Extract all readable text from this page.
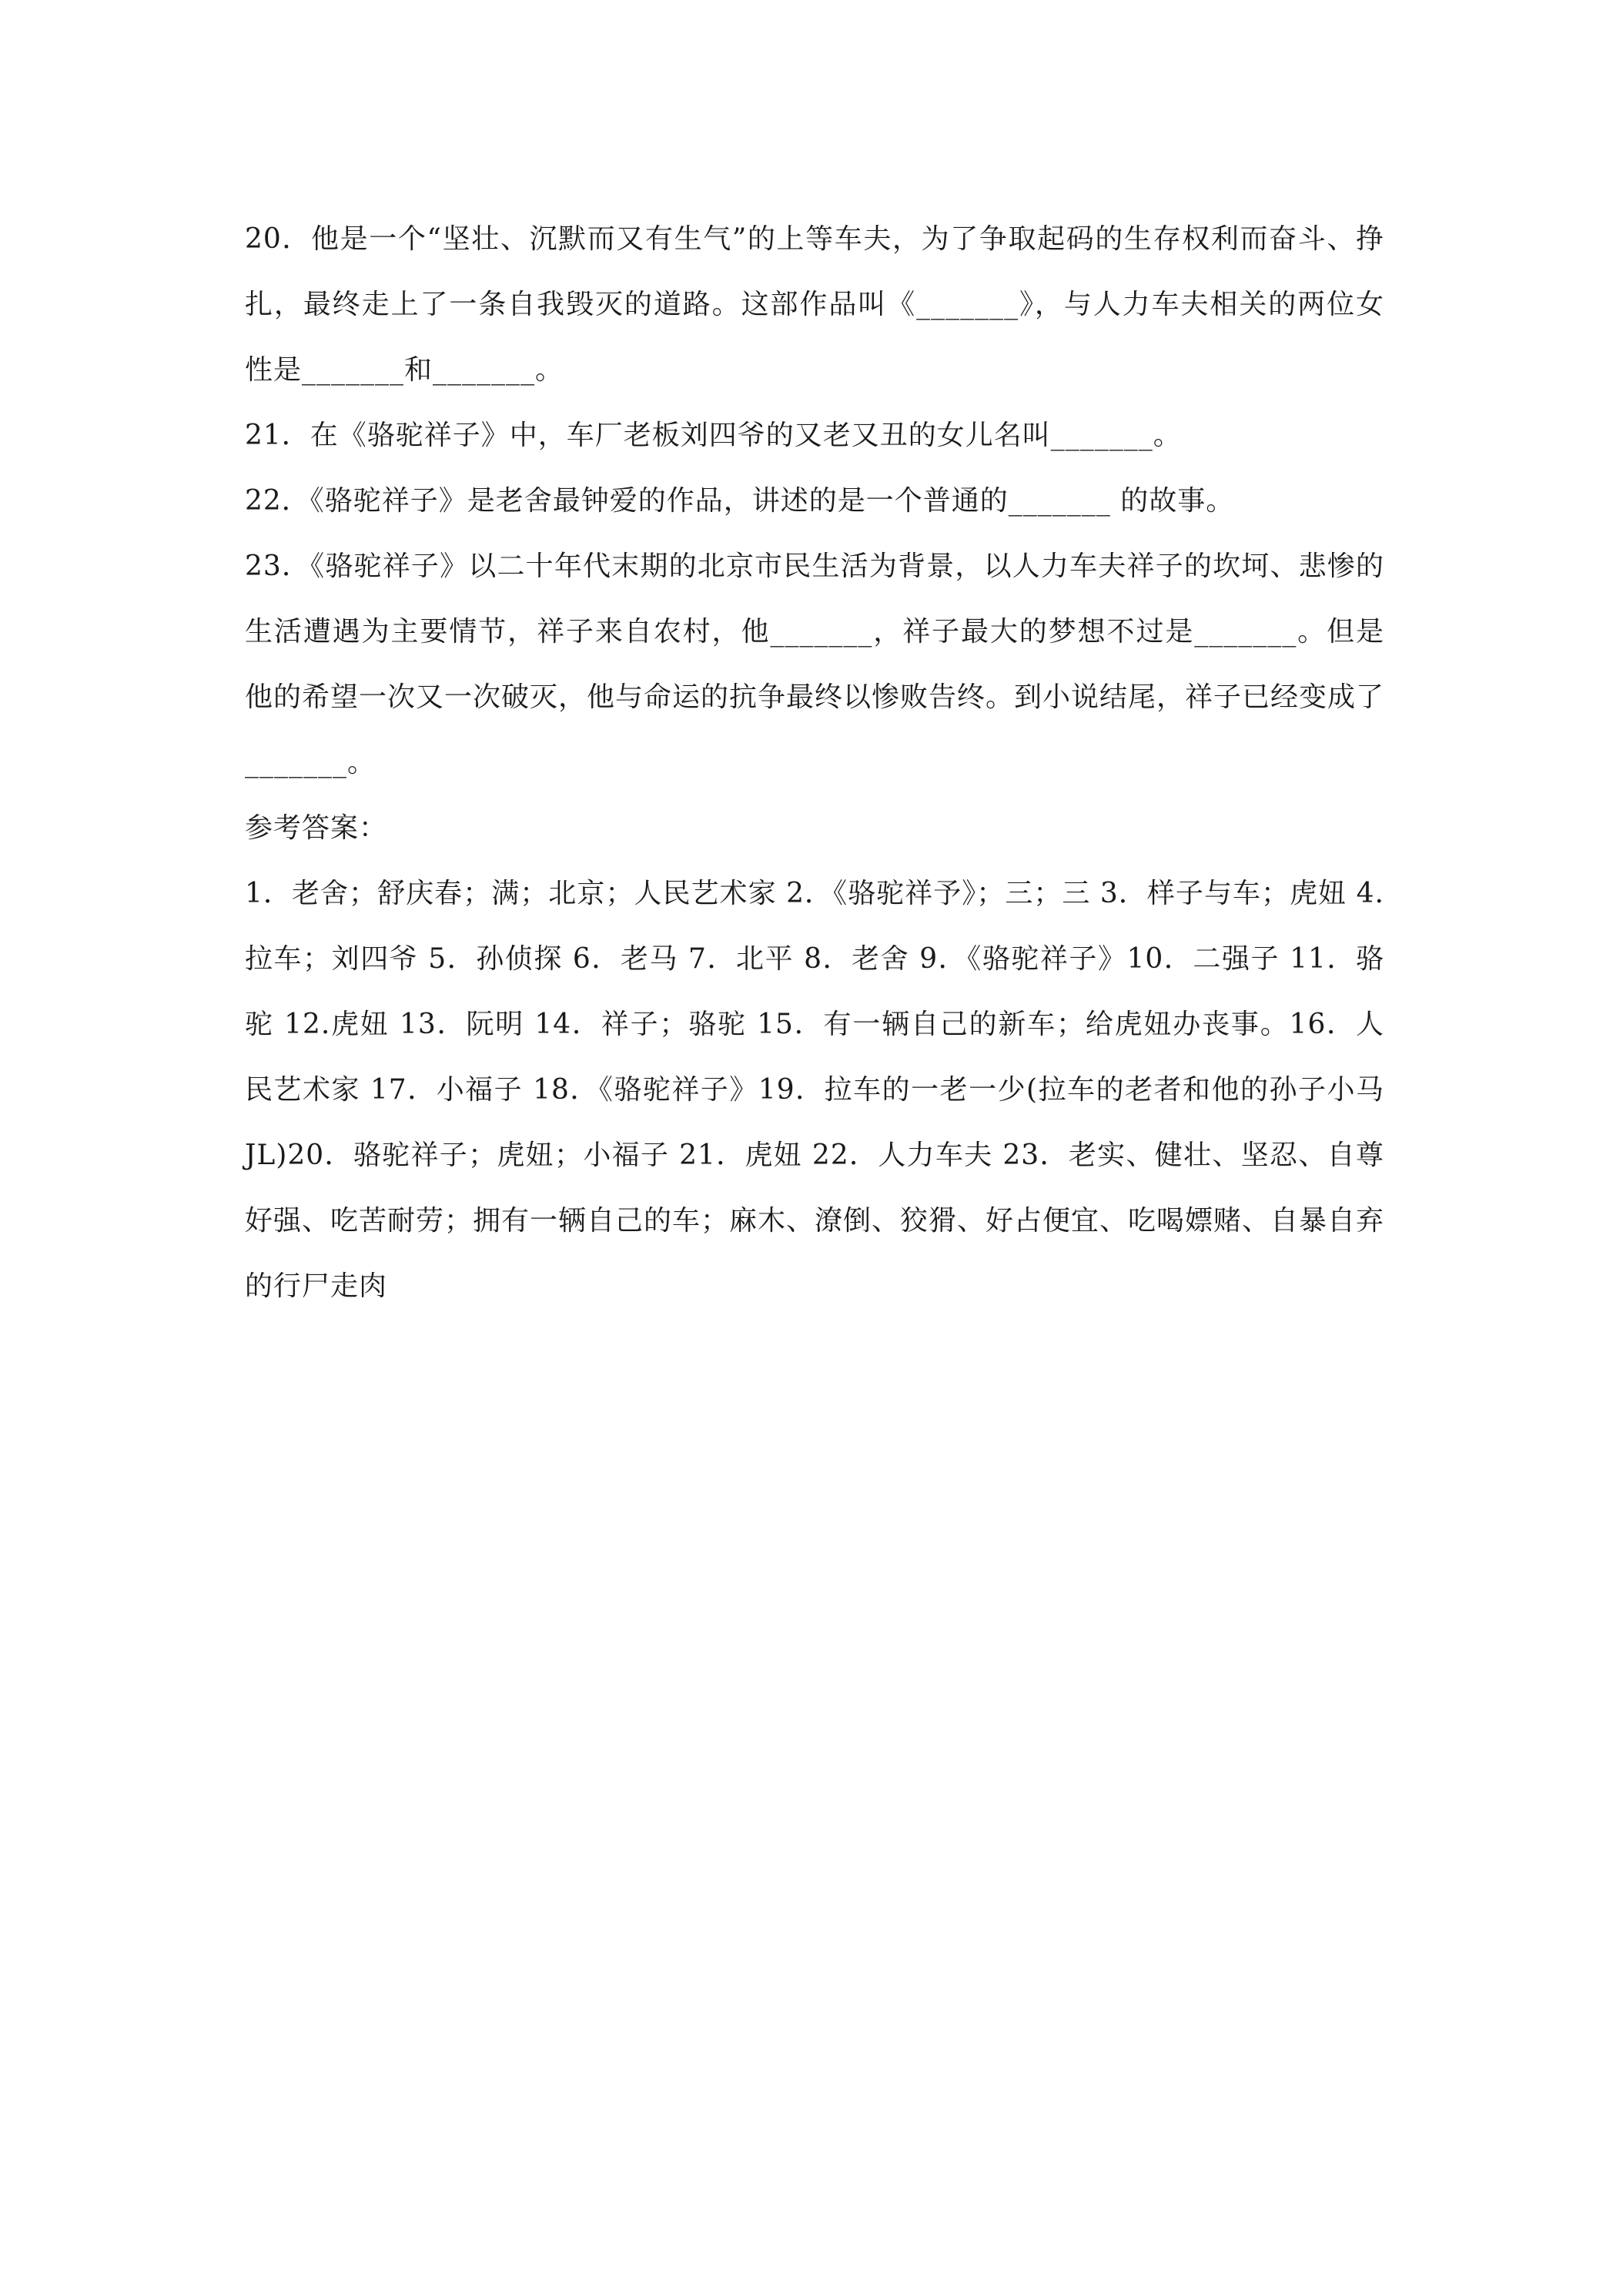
20．他是一个“坚壮、沉默而又有生气”的上等车夫，为了争取起码的生存权利而奋斗、挣扎，最终走上了一条自我毁灭的道路。这部作品叫《_______》，与人力车夫相关的两位女性是_______和_______。

21．在《骆驼祥子》中，车厂老板刘四爷的又老又丑的女儿名叫_______。

22．《骆驼祥子》是老舍最钟爱的作品，讲述的是一个普通的_______ 的故事。

23．《骆驼祥子》以二十年代末期的北京市民生活为背景，以人力车夫祥子的坎坷、悲惨的生活遭遇为主要情节，祥子来自农村，他_______，祥子最大的梦想不过是_______。但是他的希望一次又一次破灭，他与命运的抗争最终以惨败告终。到小说结尾，祥子已经变成了_______。

参考答案：

1．老舍；舒庆春；满；北京；人民艺术家 2．《骆驼祥予》；三；三 3．样子与车；虎妞 4.拉车；刘四爷 5．孙侦探 6．老马 7．北平 8．老舍 9．《骆驼祥子》10．二强子 11．骆驼 12.虎妞 13．阮明 14．祥子；骆驼 15．有一辆自己的新车；给虎妞办丧事。16．人民艺术家 17．小福子 18．《骆驼祥子》19．拉车的一老一少(拉车的老者和他的孙子小马 JL)20．骆驼祥子；虎妞；小福子 21．虎妞 22．人力车夫 23．老实、健壮、坚忍、自尊好强、吃苦耐劳；拥有一辆自己的车；麻木、潦倒、狡猾、好占便宜、吃喝嫖赌、自暴自弃的行尸走肉
